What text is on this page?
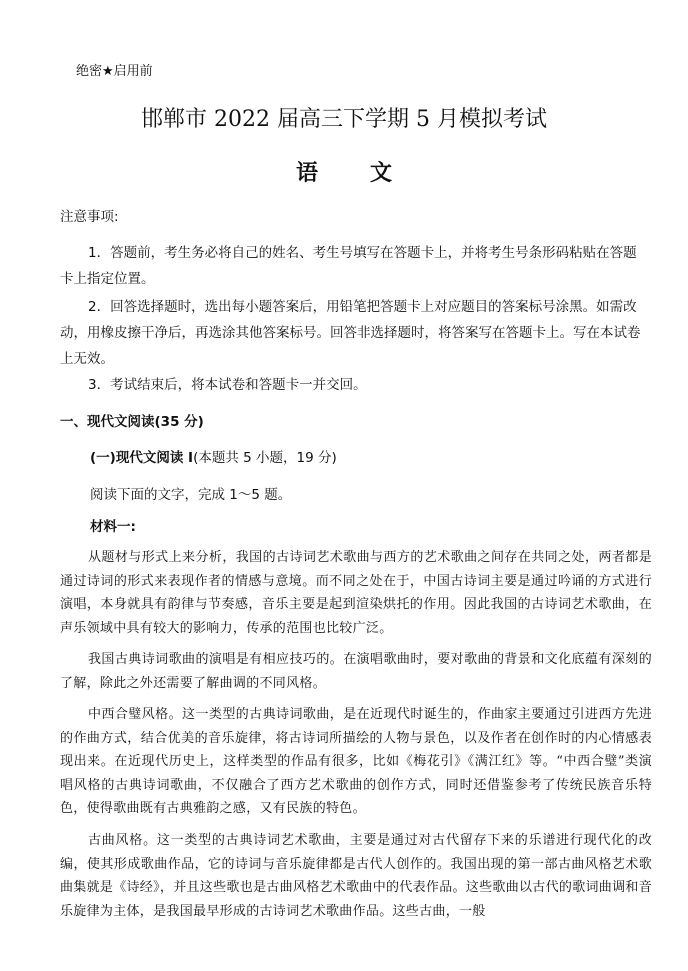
绝密★启用前
邯郸市 2022 届高三下学期 5 月模拟考试
语文
注意事项:
1．答题前，考生务必将自己的姓名、考生号填写在答题卡上，并将考生号条形码粘贴在答题卡上指定位置。
2．回答选择题时，选出每小题答案后，用铅笔把答题卡上对应题目的答案标号涂黑。如需改动，用橡皮擦干净后，再选涂其他答案标号。回答非选择题时，将答案写在答题卡上。写在本试卷上无效。
3．考试结束后，将本试卷和答题卡一并交回。
一、现代文阅读(35 分)
(一)现代文阅读 I(本题共 5 小题，19 分)
阅读下面的文字，完成 1～5 题。
材料一:
从题材与形式上来分析，我国的古诗词艺术歌曲与西方的艺术歌曲之间存在共同之处，两者都是通过诗词的形式来表现作者的情感与意境。而不同之处在于，中国古诗词主要是通过吟诵的方式进行演唱，本身就具有韵律与节奏感，音乐主要是起到渲染烘托的作用。因此我国的古诗词艺术歌曲，在声乐领域中具有较大的影响力，传承的范围也比较广泛。
我国古典诗词歌曲的演唱是有相应技巧的。在演唱歌曲时，要对歌曲的背景和文化底蕴有深刻的了解，除此之外还需要了解曲调的不同风格。
中西合璧风格。这一类型的古典诗词歌曲，是在近现代时诞生的，作曲家主要通过引进西方先进的作曲方式，结合优美的音乐旋律，将古诗词所描绘的人物与景色，以及作者在创作时的内心情感表现出来。在近现代历史上，这样类型的作品有很多，比如《梅花引》《满江红》等。“中西合璧”类演唱风格的古典诗词歌曲，不仅融合了西方艺术歌曲的创作方式，同时还借鉴参考了传统民族音乐特色，使得歌曲既有古典雅韵之感，又有民族的特色。
古曲风格。这一类型的古典诗词艺术歌曲，主要是通过对古代留存下来的乐谱进行现代化的改编，使其形成歌曲作品，它的诗词与音乐旋律都是古代人创作的。我国出现的第一部古曲风格艺术歌曲集就是《诗经》，并且这些歌也是古曲风格艺术歌曲中的代表作品。这些歌曲以古代的歌词曲调和音乐旋律为主体，是我国最早形成的古诗词艺术歌曲作品。这些古曲，一般
